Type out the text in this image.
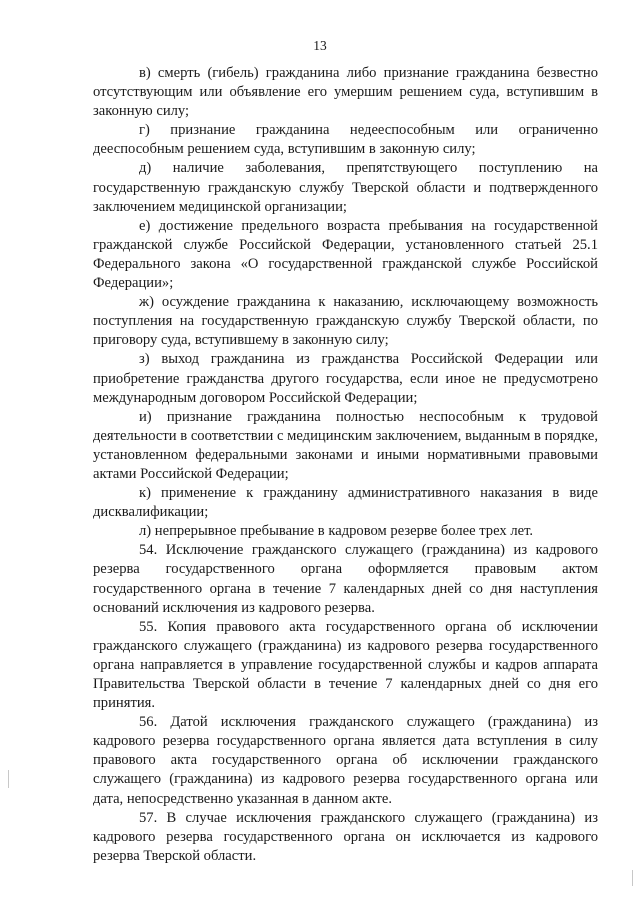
13

в) смерть (гибель) гражданина либо признание гражданина безвестно отсутствующим или объявление его умершим решением суда, вступившим в законную силу;

г) признание гражданина недееспособным или ограниченно дееспособным решением суда, вступившим в законную силу;

д) наличие заболевания, препятствующего поступлению на государственную гражданскую службу Тверской области и подтвержденного заключением медицинской организации;

е) достижение предельного возраста пребывания на государственной гражданской службе Российской Федерации, установленного статьей 25.1 Федерального закона «О государственной гражданской службе Российской Федерации»;

ж) осуждение гражданина к наказанию, исключающему возможность поступления на государственную гражданскую службу Тверской области, по приговору суда, вступившему в законную силу;

з) выход гражданина из гражданства Российской Федерации или приобретение гражданства другого государства, если иное не предусмотрено международным договором Российской Федерации;

и) признание гражданина полностью неспособным к трудовой деятельности в соответствии с медицинским заключением, выданным в порядке, установленном федеральными законами и иными нормативными правовыми актами Российской Федерации;

к) применение к гражданину административного наказания в виде дисквалификации;

л) непрерывное пребывание в кадровом резерве более трех лет.

54. Исключение гражданского служащего (гражданина) из кадрового резерва государственного органа оформляется правовым актом государственного органа в течение 7 календарных дней со дня наступления оснований исключения из кадрового резерва.

55. Копия правового акта государственного органа об исключении гражданского служащего (гражданина) из кадрового резерва государственного органа направляется в управление государственной службы и кадров аппарата Правительства Тверской области в течение 7 календарных дней со дня его принятия.

56. Датой исключения гражданского служащего (гражданина) из кадрового резерва государственного органа является дата вступления в силу правового акта государственного органа об исключении гражданского служащего (гражданина) из кадрового резерва государственного органа или дата, непосредственно указанная в данном акте.

57. В случае исключения гражданского служащего (гражданина) из кадрового резерва государственного органа он исключается из кадрового резерва Тверской области.
